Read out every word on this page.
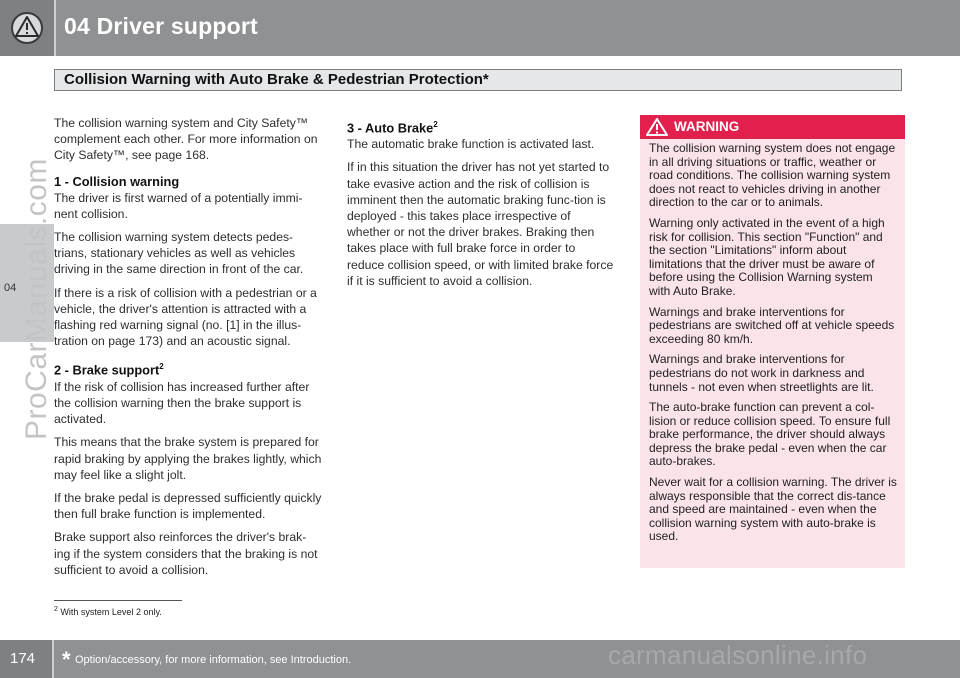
04 Driver support
04 ProCarManuals.com
Collision Warning with Auto Brake & Pedestrian Protection*

The collision warning system and City Safety™ complement each other. For more information on City Safety™, see page 168.

1 - Collision warning

The driver is first warned of a potentially immi-nent collision.

The collision warning system detects pedes-trians, stationary vehicles as well as vehicles driving in the same direction in front of the car.

If there is a risk of collision with a pedestrian or a vehicle, the driver's attention is attracted with a flashing red warning signal (no. [1] in the illus-tration on page 173) and an acoustic signal.

2 - Brake support$^2$

If the risk of collision has increased further after the collision warning then the brake support is activated.

This means that the brake system is prepared for rapid braking by applying the brakes lightly, which may feel like a slight jolt.

If the brake pedal is depressed sufficiently quickly then full brake function is implemented.

Brake support also reinforces the driver's brak-ing if the system considers that the braking is not sufficient to avoid a collision.

3 - Auto Brake$^2$

The automatic brake function is activated last.

If in this situation the driver has not yet started to take evasive action and the risk of collision is imminent then the automatic braking func-tion is deployed - this takes place irrespective of whether or not the driver brakes. Braking then takes place with full brake force in order to reduce collision speed, or with limited brake force if it is sufficient to avoid a collision.

WARNING

The collision warning system does not engage in all driving situations or traffic, weather or road conditions. The collision warning system does not react to vehicles driving in another direction to the car or to animals.

Warning only activated in the event of a high risk for collision. This section "Function" and the section "Limitations" inform about limitations that the driver must be aware of before using the Collision Warning system with Auto Brake.

Warnings and brake interventions for pedestrians are switched off at vehicle speeds exceeding 80 km/h.

Warnings and brake interventions for pedestrians do not work in darkness and tunnels - not even when streetlights are lit.

The auto-brake function can prevent a col-lision or reduce collision speed. To ensure full brake performance, the driver should always depress the brake pedal - even when the car auto-brakes.

Never wait for a collision warning. The driver is always responsible that the correct dis-tance and speed are maintained - even when the collision warning system with auto-brake is used.

$^2$ With system Level 2 only.
174 * Option/accessory, for more information, see Introduction.	carmanualsonline.info
